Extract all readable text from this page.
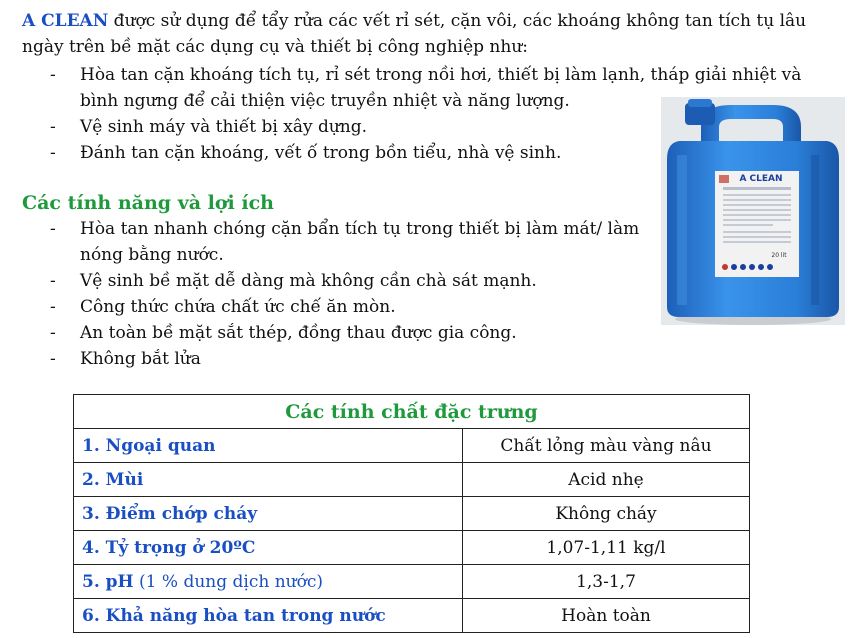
A CLEAN được sử dụng để tẩy rửa các vết rỉ sét, cặn vôi, các khoáng không tan tích tụ lâu ngày trên bề mặt các dụng cụ và thiết bị công nghiệp như:
- Hòa tan cặn khoáng tích tụ, rỉ sét trong nồi hơi, thiết bị làm lạnh, tháp giải nhiệt và bình ngưng để cải thiện việc truyền nhiệt và năng lượng.
- Vệ sinh máy và thiết bị xây dựng.
- Đánh tan cặn khoáng, vết ố trong bồn tiểu, nhà vệ sinh.
Các tính năng và lợi ích
- Hòa tan nhanh chóng cặn bẩn tích tụ trong thiết bị làm mát/ làm nóng bằng nước.
- Vệ sinh bề mặt dễ dàng mà không cần chà sát mạnh.
- Công thức chứa chất ức chế ăn mòn.
- An toàn bề mặt sắt thép, đồng thau được gia công.
- Không bắt lửa
A CLEAN
20 lít
Các tính chất đặc trưng	
1. Ngoại quan	Chất lỏng màu vàng nâu
2. Mùi	Acid nhẹ
3. Điểm chớp cháy	Không cháy
4. Tỷ trọng ở 20ºC	1,07-1,11 kg/l
5. pH (1 % dung dịch nước)	1,3-1,7
6. Khả năng hòa tan trong nước	Hoàn toàn
